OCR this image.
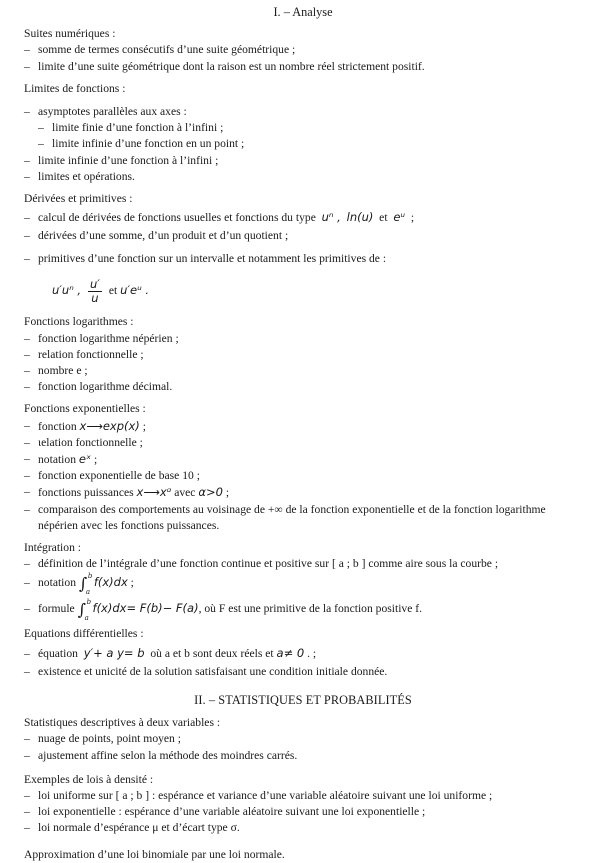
I. – Analyse
Suites numériques :
– somme de termes consécutifs d’une suite géométrique ;
– limite d’une suite géométrique dont la raison est un nombre réel strictement positif.
Limites de fonctions :
– asymptotes parallèles aux axes :
– limite finie d’une fonction à l’infini ;
– limite infinie d’une fonction en un point ;
– limite infinie d’une fonction à l’infini ;
– limites et opérations.
Dérivées et primitives :
– calcul de dérivées de fonctions usuelles et fonctions du type uⁿ , ln(u) et eᵘ ;
– dérivées d’une somme, d’un produit et d’un quotient ;
– primitives d’une fonction sur un intervalle et notamment les primitives de :
u′uⁿ , $\frac{u'}{u}$ et u′eᵘ .
Fonctions logarithmes :
– fonction logarithme népérien ;
– relation fonctionnelle ;
– nombre e ;
– fonction logarithme décimal.
Fonctions exponentielles :
– fonction x⟶exp(x) ;
– ɩelation fonctionnelle ;
– notation eˣ ;
– fonction exponentielle de base 10 ;
– fonctions puissances x⟶xᵅ avec α>0 ;
– comparaison des comportements au voisinage de +∞ de la fonction exponentielle et de la fonction logarithme népérien avec les fonctions puissances.
Intégration :
– définition de l’intégrale d’une fonction continue et positive sur [ a ; b ] comme aire sous la courbe ;
– notation ∫ b
a
f(x)dx ;
– formule ∫ b
a
f(x)dx= F(b)− F(a), où F est une primitive de la fonction positive f.
Equations différentielles :
– équation y′+ a y= b où a et b sont deux réels et a≠ 0 . ;
– existence et unicité de la solution satisfaisant une condition initiale donnée.
II. – STATISTIQUES ET PROBABILITÉS
Statistiques descriptives à deux variables :
– nuage de points, point moyen ;
– ajustement affine selon la méthode des moindres carrés.
Exemples de lois à densité :
– loi uniforme sur [ a ; b ] : espérance et variance d’une variable aléatoire suivant une loi uniforme ;
– loi exponentielle : espérance d’une variable aléatoire suivant une loi exponentielle ;
– loi normale d’espérance μ et d’écart type σ.
Approximation d’une loi binomiale par une loi normale.
